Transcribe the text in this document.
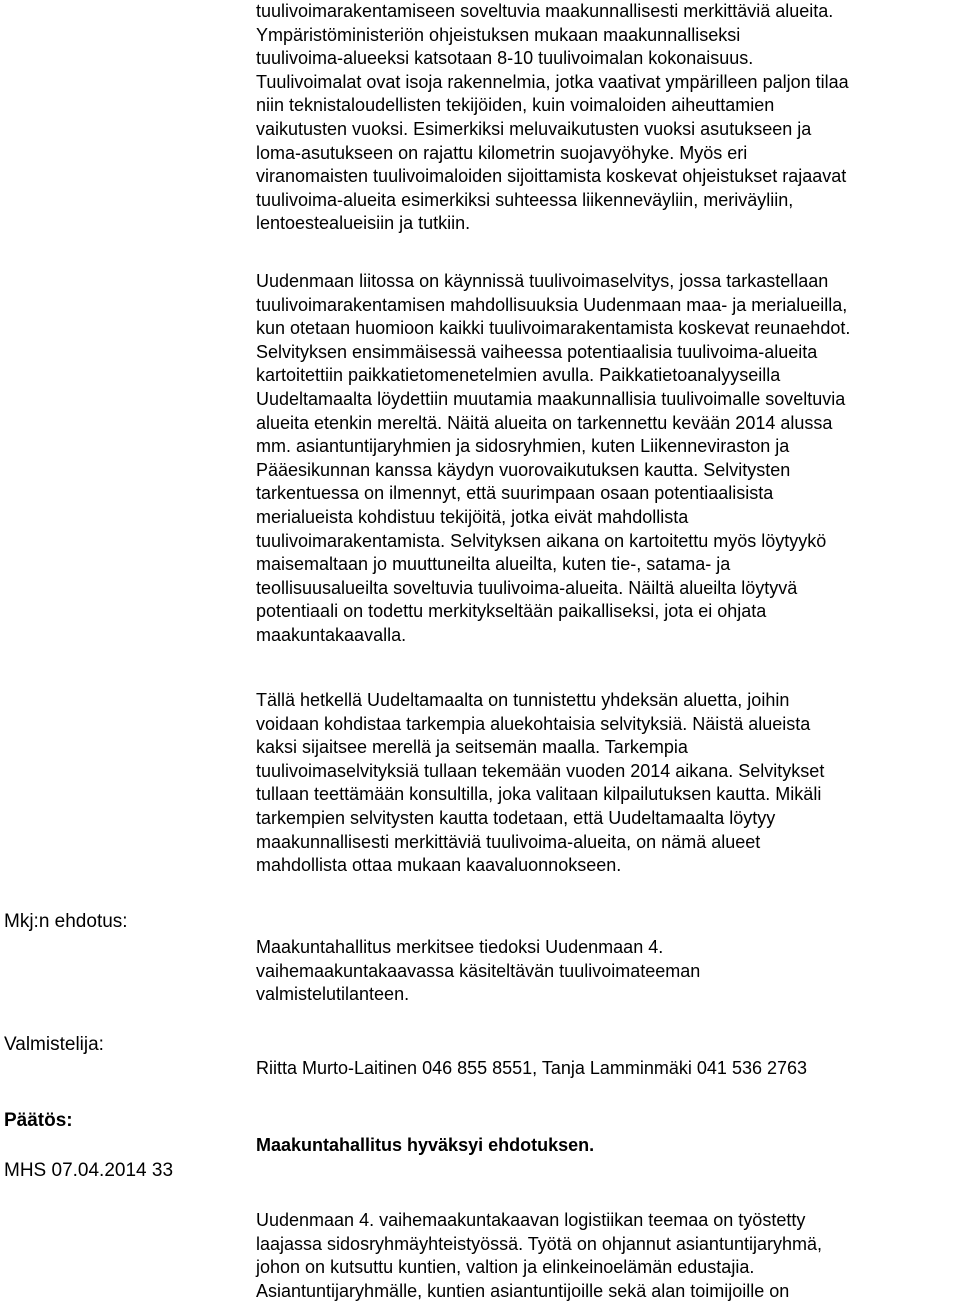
tuulivoimarakentamiseen soveltuvia maakunnallisesti merkittäviä alueita.
Ympäristöministeriön ohjeistuksen mukaan maakunnalliseksi
tuulivoima-alueeksi katsotaan 8-10 tuulivoimalan kokonaisuus.
Tuulivoimalat ovat isoja rakennelmia, jotka vaativat ympärilleen paljon tilaa
niin teknistaloudellisten tekijöiden, kuin voimaloiden aiheuttamien
vaikutusten vuoksi. Esimerkiksi meluvaikutusten vuoksi asutukseen ja
loma-asutukseen on rajattu kilometrin suojavyöhyke. Myös eri
viranomaisten tuulivoimaloiden sijoittamista koskevat ohjeistukset rajaavat
tuulivoima-alueita esimerkiksi suhteessa liikenneväyliin, meriväyliin,
lentoestealueisiin ja tutkiin.

Uudenmaan liitossa on käynnissä tuulivoimaselvitys, jossa tarkastellaan
tuulivoimarakentamisen mahdollisuuksia Uudenmaan maa- ja merialueilla,
kun otetaan huomioon kaikki tuulivoimarakentamista koskevat reunaehdot.
Selvityksen ensimmäisessä vaiheessa potentiaalisia tuulivoima-alueita
kartoitettiin paikkatietomenetelmien avulla. Paikkatietoanalyyseilla
Uudeltamaalta löydettiin muutamia maakunnallisia tuulivoimalle soveltuvia
alueita etenkin mereltä. Näitä alueita on tarkennettu kevään 2014 alussa
mm. asiantuntijaryhmien ja sidosryhmien, kuten Liikenneviraston ja
Pääesikunnan kanssa käydyn vuorovaikutuksen kautta. Selvitysten
tarkentuessa on ilmennyt, että suurimpaan osaan potentiaalisista
merialueista kohdistuu tekijöitä, jotka eivät mahdollista
tuulivoimarakentamista. Selvityksen aikana on kartoitettu myös löytyykö
maisemaltaan jo muuttuneilta alueilta, kuten tie-, satama- ja
teollisuusalueilta soveltuvia tuulivoima-alueita. Näiltä alueilta löytyvä
potentiaali on todettu merkitykseltään paikalliseksi, jota ei ohjata
maakuntakaavalla.

Tällä hetkellä Uudeltamaalta on tunnistettu yhdeksän aluetta, joihin
voidaan kohdistaa tarkempia aluekohtaisia selvityksiä. Näistä alueista
kaksi sijaitsee merellä ja seitsemän maalla. Tarkempia
tuulivoimaselvityksiä tullaan tekemään vuoden 2014 aikana. Selvitykset
tullaan teettämään konsultilla, joka valitaan kilpailutuksen kautta. Mikäli
tarkempien selvitysten kautta todetaan, että Uudeltamaalta löytyy
maakunnallisesti merkittäviä tuulivoima-alueita, on nämä alueet
mahdollista ottaa mukaan kaavaluonnokseen.

Mkj:n ehdotus:

Maakuntahallitus merkitsee tiedoksi Uudenmaan 4.
vaihemaakuntakaavassa käsiteltävän tuulivoimateeman
valmistelutilanteen.

Valmistelija:

Riitta Murto-Laitinen 046 855 8551, Tanja Lamminmäki 041 536 2763

Päätös:

Maakuntahallitus hyväksyi ehdotuksen.

MHS 07.04.2014 33

Uudenmaan 4. vaihemaakuntakaavan logistiikan teemaa on työstetty
laajassa sidosryhmäyhteistyössä. Työtä on ohjannut asiantuntijaryhmä,
johon on kutsuttu kuntien, valtion ja elinkeinoelämän edustajia.
Asiantuntijaryhmälle, kuntien asiantuntijoille sekä alan toimijoille on
